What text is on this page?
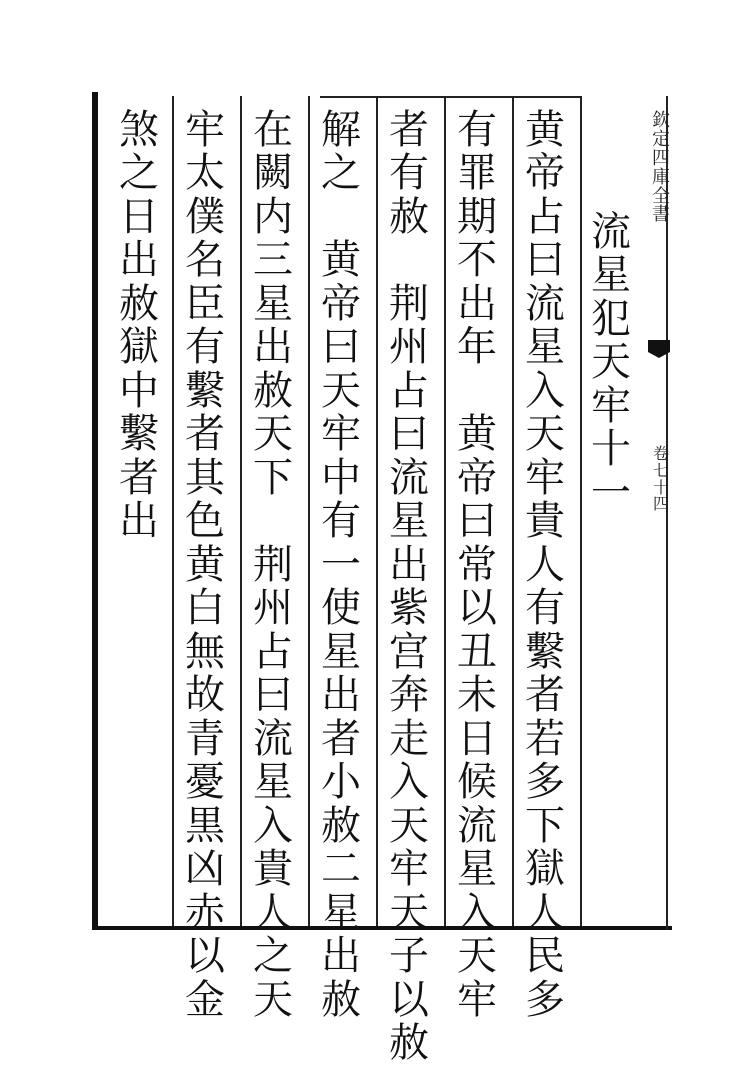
欽
定
四
庫
全
書
卷
七
十
四
流
星
犯
天
牢
十
一
黄
帝
占
曰
流
星
入
天
牢
貴
人
有
繫
者
若
多
下
獄
人
民
多
有
罪
期
不
出
年
黄
帝
曰
常
以
丑
未
日
候
流
星
入
天
牢
者
有
赦
荆
州
占
曰
流
星
出
紫
宫
奔
走
入
天
牢
天
子
以
赦
解
之
黄
帝
曰
天
牢
中
有
一
使
星
出
者
小
赦
二
星
出
赦
在
闕
内
三
星
出
赦
天
下
荆
州
占
曰
流
星
入
貴
人
之
天
牢
太
僕
名
臣
有
繫
者
其
色
黄
白
無
故
青
憂
黒
凶
赤
以
金
煞
之
日
出
赦
獄
中
繫
者
出
